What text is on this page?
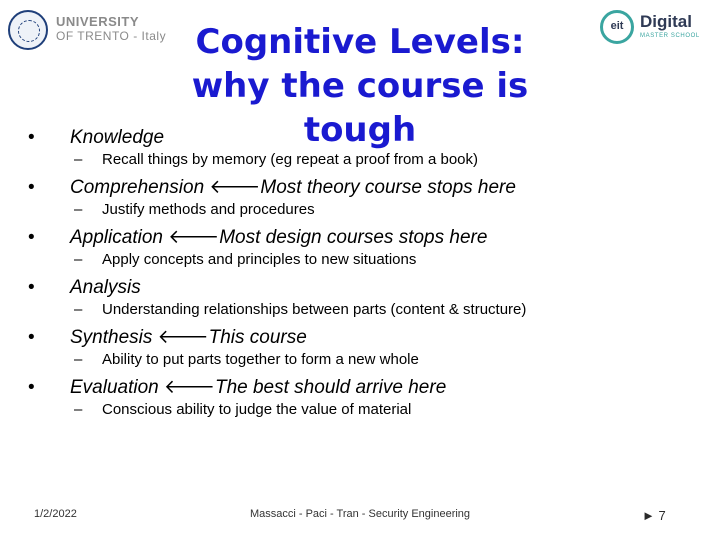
UNIVERSITY
OF TRENTO - Italy
eit Digital
MASTER SCHOOL
Cognitive Levels:
why the course is tough
• Knowledge
– Recall things by memory (eg repeat a proof from a book)
• Comprehension 🡐Most theory course stops here
– Justify methods and procedures
• Application 🡐Most design courses stops here
– Apply concepts and principles to new situations
• Analysis
– Understanding relationships between parts (content & structure)
• Synthesis 🡐This course
– Ability to put parts together to form a new whole
• Evaluation 🡐The best should arrive here
– Conscious ability to judge the value of material
1/2/2022	Massacci - Paci - Tran - Security Engineering	► 7
